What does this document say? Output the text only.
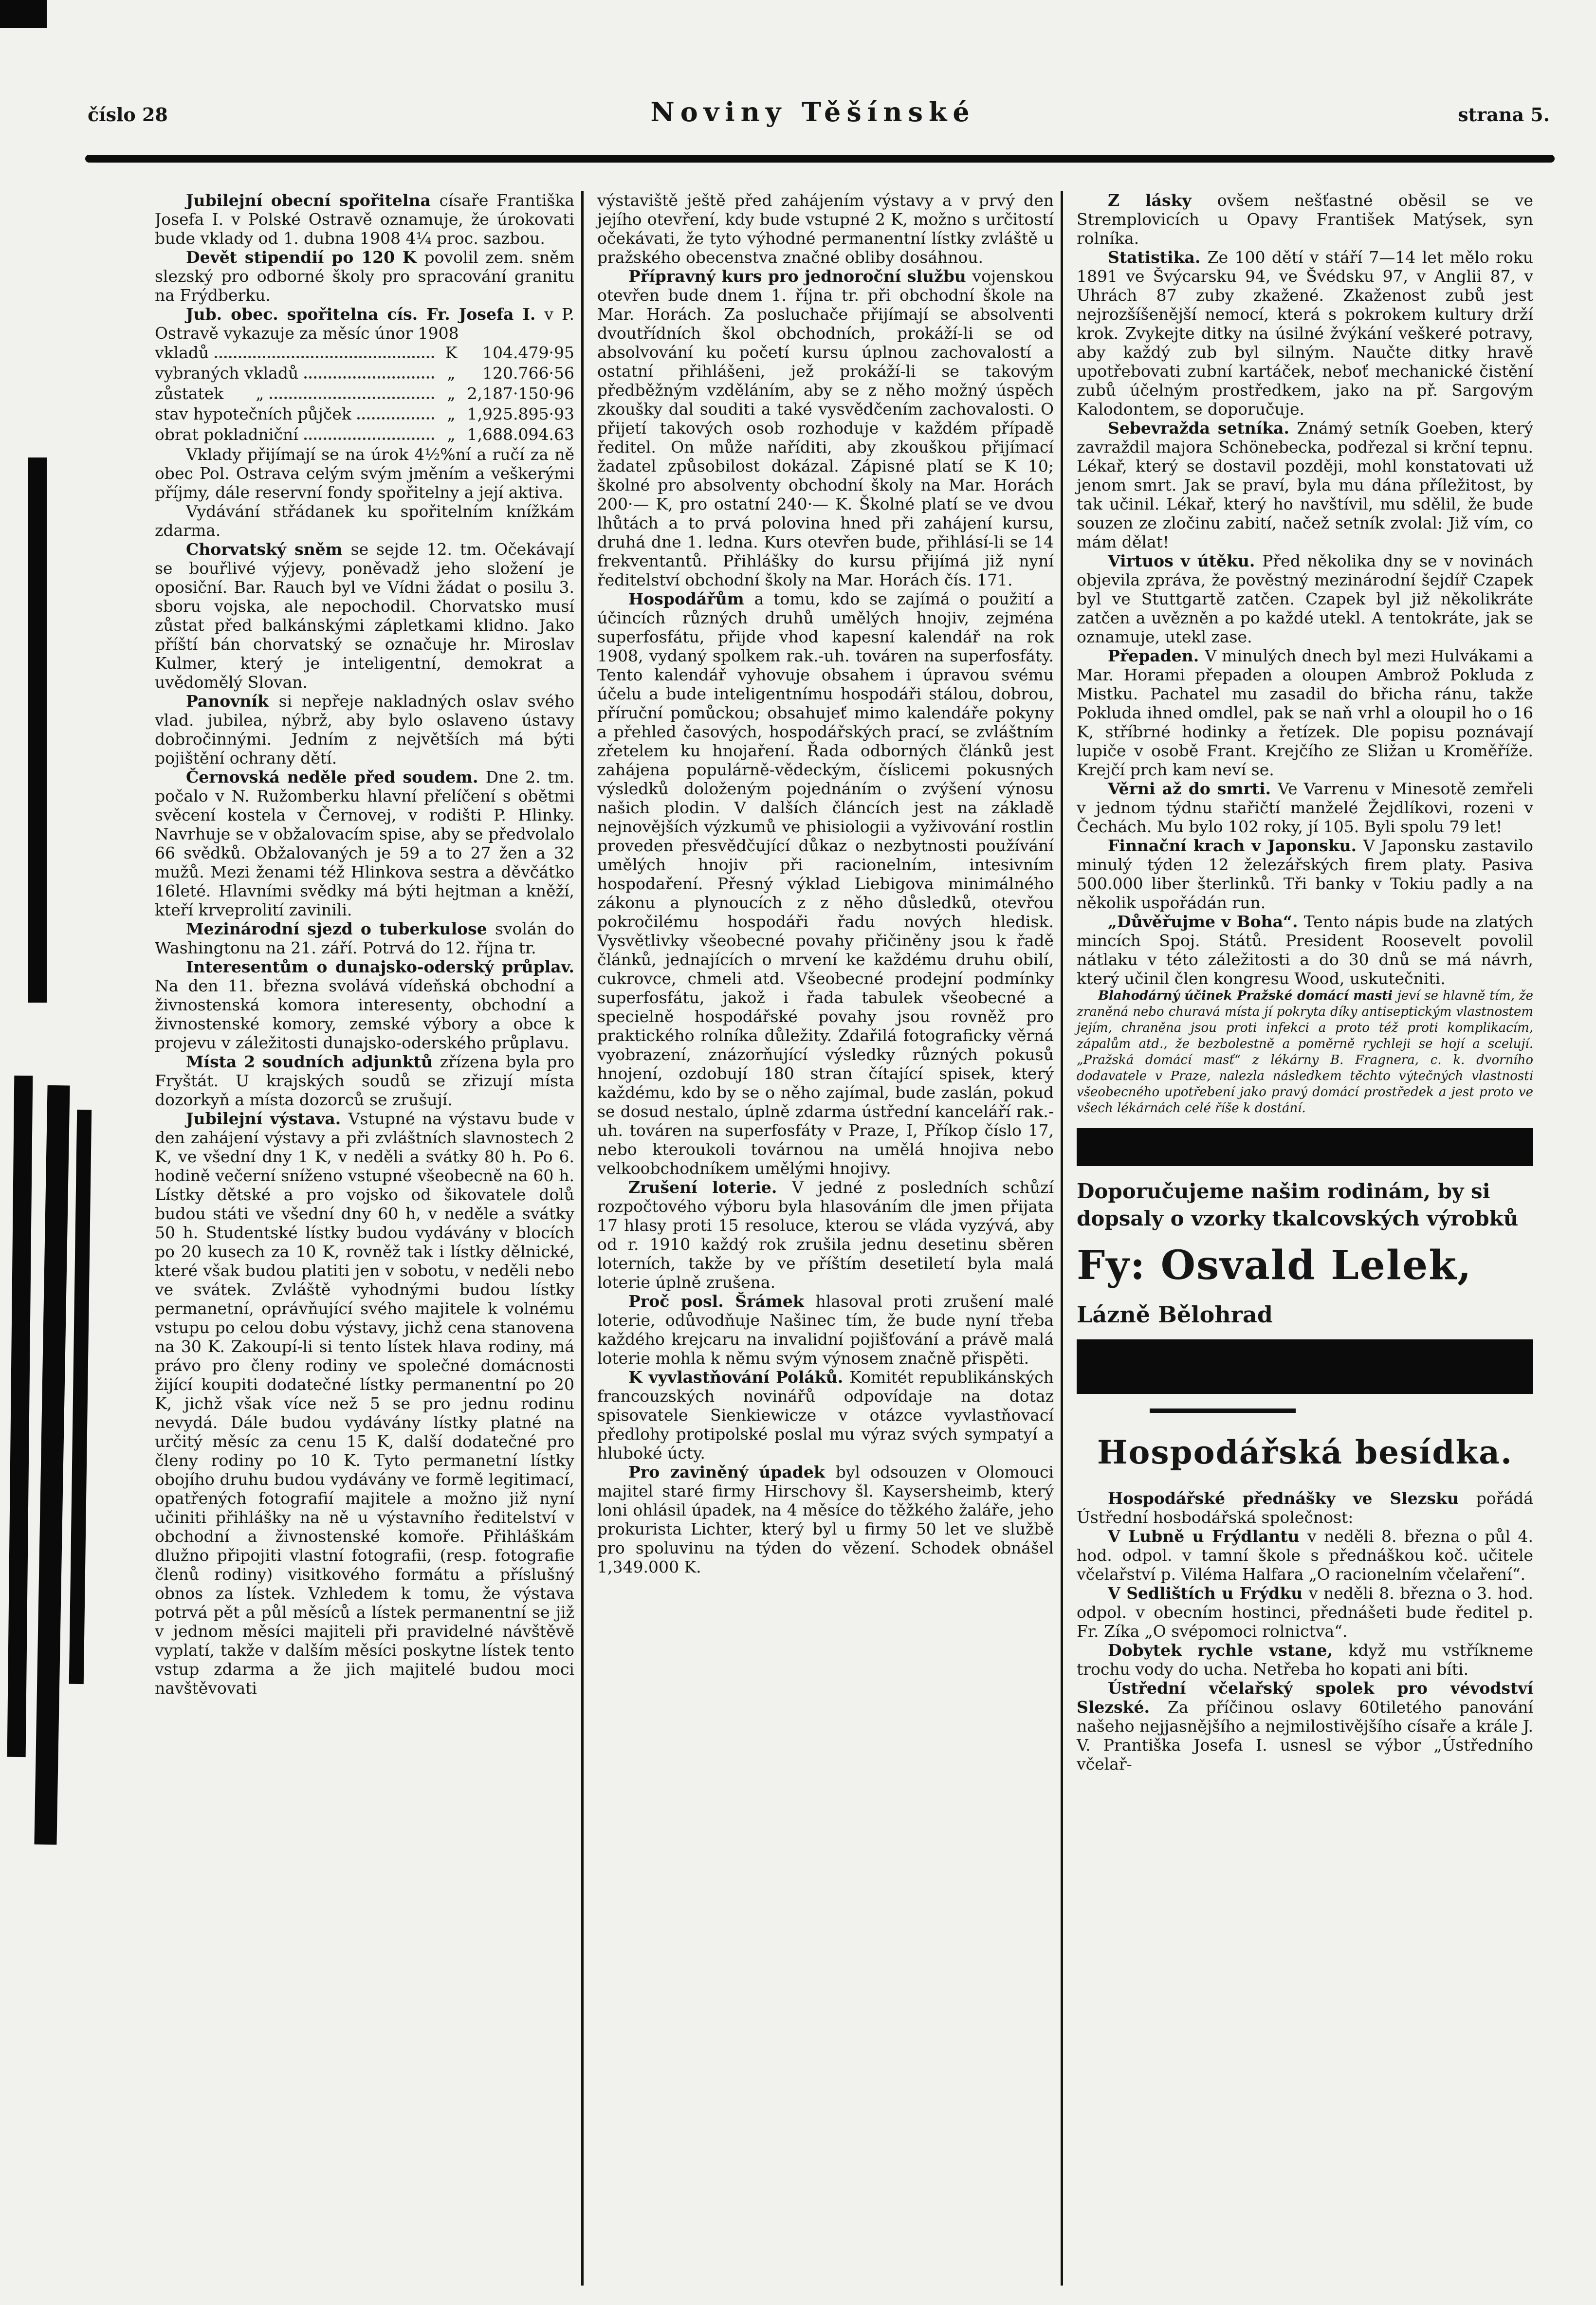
číslo 28	Noviny Těšínské	strana 5.

Jubilejní obecní spořitelna císaře Františka Josefa I. v Polské Ostravě oznamuje, že úrokovati bude vklady od 1. dubna 1908 4¼ proc. sazbou.

Devět stipendií po 120 K povolil zem. sněm slezský pro odborné školy pro spracování granitu na Frýdberku.

Jub. obec. spořitelna cís. Fr. Josefa I. v P. Ostravě vykazuje za měsíc únor 1908

vkladů	K	104.479·95
vybraných vkladů	„	120.766·56
zůstatek  „	„ 2,187·150·96
stav hypotečních půjček	„ 1,925.895·93
obrat pokladniční	„ 1,688.094.63

Vklady přijímají se na úrok 4½%ní a ručí za ně obec Pol. Ostrava celým svým jměním a veškerými příjmy, dále reservní fondy spořitelny a její aktiva.

Vydávání střádanek ku spořitelním knížkám zdarma.

Chorvatský sněm se sejde 12. tm. Očekávají se bouřlivé výjevy, poněvadž jeho složení je oposiční. Bar. Rauch byl ve Vídni žádat o posilu 3. sboru vojska, ale nepochodil. Chorvatsko musí zůstat před balkánskými zápletkami klidno. Jako příští bán chorvatský se označuje hr. Miroslav Kulmer, který je inteligentní, demokrat a uvědomělý Slovan.

Panovník si nepřeje nakladných oslav svého vlad. jubilea, nýbrž, aby bylo oslaveno ústavy dobročinnými. Jedním z největších má býti pojištění ochrany dětí.

Černovská neděle před soudem. Dne 2. tm. počalo v N. Ružomberku hlavní přelíčení s obětmi svěcení kostela v Černovej, v rodišti P. Hlinky. Navrhuje se v obžalovacím spise, aby se předvolalo 66 svědků. Obžalovaných je 59 a to 27 žen a 32 mužů. Mezi ženami též Hlinkova sestra a děvčátko 16leté. Hlavními svědky má býti hejtman a kněží, kteří krveprolití zavinili.

Mezinárodní sjezd o tuberkulose svolán do Washingtonu na 21. září. Potrvá do 12. října tr.

Interesentům o dunajsko-oderský průplav. Na den 11. března svolává vídeňská obchodní a živnostenská komora interesenty, obchodní a živnostenské komory, zemské výbory a obce k projevu v záležitosti dunajsko-oderského průplavu.

Místa 2 soudních adjunktů zřízena byla pro Fryštát. U krajských soudů se zřizují místa dozorkyň a místa dozorců se zrušují.

Jubilejní výstava. Vstupné na výstavu bude v den zahájení výstavy a při zvláštních slavnostech 2 K, ve všední dny 1 K, v neděli a svátky 80 h. Po 6. hodině večerní sníženo vstupné všeobecně na 60 h. Lístky dětské a pro vojsko od šikovatele dolů budou státi ve všední dny 60 h, v neděle a svátky 50 h. Studentské lístky budou vydávány v blocích po 20 kusech za 10 K, rovněž tak i lístky dělnické, které však budou platiti jen v sobotu, v neděli nebo ve svátek. Zvláště vyhodnými budou lístky permanetní, oprávňující svého majitele k volnému vstupu po celou dobu výstavy, jichž cena stanovena na 30 K. Zakoupí-li si tento lístek hlava rodiny, má právo pro členy rodiny ve společné domácnosti žijící koupiti dodatečné lístky permanentní po 20 K, jichž však více než 5 se pro jednu rodinu nevydá. Dále budou vydávány lístky platné na určitý měsíc za cenu 15 K, další dodatečné pro členy rodiny po 10 K. Tyto permanetní lístky obojího druhu budou vydávány ve formě legitimací, opatřených fotografií majitele a možno již nyní učiniti přihlášky na ně u výstavního ředitelství v obchodní a živnostenské komoře. Přihláškám dlužno připojiti vlastní fotografii, (resp. fotografie členů rodiny) visitkového formátu a příslušný obnos za lístek. Vzhledem k tomu, že výstava potrvá pět a půl měsíců a lístek permanentní se již v jednom měsíci majiteli při pravidelné návštěvě vyplatí, takže v dalším měsíci poskytne lístek tento vstup zdarma a že jich majitelé budou moci navštěvovati

výstaviště ještě před zahájením výstavy a v prvý den jejího otevření, kdy bude vstupné 2 K, možno s určitostí očekávati, že tyto výhodné permanentní lístky zvláště u pražského obecenstva značné obliby dosáhnou.

Přípravný kurs pro jednoroční službu vojenskou otevřen bude dnem 1. října tr. při obchodní škole na Mar. Horách. Za posluchače přijímají se absolventi dvoutřídních škol obchodních, prokáží-li se od absolvování ku početí kursu úplnou zachovalostí a ostatní přihlášeni, jež prokáží-li se takovým předběžným vzděláním, aby se z něho možný úspěch zkoušky dal souditi a také vysvědčením zachovalosti. O přijetí takových osob rozhoduje v každém případě ředitel. On může naříditi, aby zkouškou přijímací žadatel způsobilost dokázal. Zápisné platí se K 10; školné pro absolventy obchodní školy na Mar. Horách 200·— K, pro ostatní 240·— K. Školné platí se ve dvou lhůtách a to prvá polovina hned při zahájení kursu, druhá dne 1. ledna. Kurs otevřen bude, přihlásí-li se 14 frekventantů. Přihlášky do kursu přijímá již nyní ředitelství obchodní školy na Mar. Horách čís. 171.

Hospodářům a tomu, kdo se zajímá o použití a účincích různých druhů umělých hnojiv, zejména superfosfátu, přijde vhod kapesní kalendář na rok 1908, vydaný spolkem rak.-uh. továren na superfosfáty. Tento kalendář vyhovuje obsahem i úpravou svému účelu a bude inteligentnímu hospodáři stálou, dobrou, příruční pomůckou; obsahujeť mimo kalendáře pokyny a přehled časových, hospodářských prací, se zvláštním zřetelem ku hnojaření. Řada odborných článků jest zahájena populárně-vědeckým, číslicemi pokusných výsledků doloženým pojednáním o zvýšení výnosu našich plodin. V dalších článcích jest na základě nejnovějších výzkumů ve phisiologii a vyživování rostlin proveden přesvědčující důkaz o nezbytnosti používání umělých hnojiv při racionelním, intesivním hospodaření. Přesný výklad Liebigova minimálného zákonu a plynoucích z z něho důsledků, otevřou pokročilému hospodáři řadu nových hledisk. Vysvětlivky všeobecné povahy přičiněny jsou k řadě článků, jednajících o mrvení ke každému druhu obilí, cukrovce, chmeli atd. Všeobecné prodejní podmínky superfosfátu, jakož i řada tabulek všeobecné a specielně hospodářské povahy jsou rovněž pro praktického rolníka důležity. Zdařilá fotograficky věrná vyobrazení, znázorňující výsledky různých pokusů hnojení, ozdobují 180 stran čítající spisek, který každému, kdo by se o něho zajímal, bude zaslán, pokud se dosud nestalo, úplně zdarma ústřední kanceláří rak.-uh. továren na superfosfáty v Praze, I, Příkop číslo 17, nebo kteroukoli továrnou na umělá hnojiva nebo velkoobchodníkem umělými hnojivy.

Zrušení loterie. V jedné z posledních schůzí rozpočtového výboru byla hlasováním dle jmen přijata 17 hlasy proti 15 resoluce, kterou se vláda vyzývá, aby od r. 1910 každý rok zrušila jednu desetinu sběren loterních, takže by ve příštím desetiletí byla malá loterie úplně zrušena.

Proč posl. Šrámek hlasoval proti zrušení malé loterie, odůvodňuje Našinec tím, že bude nyní třeba každého krejcaru na invalidní pojišťování a právě malá loterie mohla k němu svým výnosem značně přispěti.

K vyvlastňování Poláků. Komitét republikánských francouzských novinářů odpovídaje na dotaz spisovatele Sienkiewicze v otázce vyvlastňovací předlohy protipolské poslal mu výraz svých sympatyí a hluboké úcty.

Pro zaviněný úpadek byl odsouzen v Olomouci majitel staré firmy Hirschovy šl. Kaysersheimb, který loni ohlásil úpadek, na 4 měsíce do těžkého žaláře, jeho prokurista Lichter, který byl u firmy 50 let ve službě pro spoluvinu na týden do vězení. Schodek obnášel 1,349.000 K.

Z lásky ovšem nešťastné oběsil se ve Stremplovicích u Opavy František Matýsek, syn rolníka.

Statistika. Ze 100 dětí v stáří 7—14 let mělo roku 1891 ve Švýcarsku 94, ve Švédsku 97, v Anglii 87, v Uhrách 87 zuby zkažené. Zkaženost zubů jest nejrozšíšenější nemocí, která s pokrokem kultury drží krok. Zvykejte ditky na úsilné žvýkání veškeré potravy, aby každý zub byl silným. Naučte ditky hravě upotřebovati zubní kartáček, neboť mechanické čistění zubů účelným prostředkem, jako na př. Sargovým Kalodontem, se doporučuje.

Sebevražda setníka. Známý setník Goeben, který zavraždil majora Schönebecka, podřezal si krční tepnu. Lékař, který se dostavil později, mohl konstatovati už jenom smrt. Jak se praví, byla mu dána příležitost, by tak učinil. Lékař, který ho navštívil, mu sdělil, že bude souzen ze zločinu zabití, načež setník zvolal: Již vím, co mám dělat!

Virtuos v útěku. Před několika dny se v novinách objevila zpráva, že pověstný mezinárodní šejdíř Czapek byl ve Stuttgartě zatčen. Czapek byl již několikráte zatčen a uvězněn a po každé utekl. A tentokráte, jak se oznamuje, utekl zase.

Přepaden. V minulých dnech byl mezi Hulvákami a Mar. Horami přepaden a oloupen Ambrož Pokluda z Mistku. Pachatel mu zasadil do břicha ránu, takže Pokluda ihned omdlel, pak se naň vrhl a oloupil ho o 16 K, stříbrné hodinky a řetízek. Dle popisu poznávají lupiče v osobě Frant. Krejčího ze Sližan u Kroměříže. Krejčí prch kam neví se.

Věrni až do smrti. Ve Varrenu v Minesotě zemřeli v jednom týdnu stařičtí manželé Žejdlíkovi, rozeni v Čechách. Mu bylo 102 roky, jí 105. Byli spolu 79 let!

Finnační krach v Japonsku. V Japonsku zastavilo minulý týden 12 železářských firem platy. Pasiva 500.000 liber šterlinků. Tři banky v Tokiu padly a na několik uspořádán run.

„Důvěřujme v Boha“. Tento nápis bude na zlatých mincích Spoj. Států. President Roosevelt povolil nátlaku v této záležitosti a do 30 dnů se má návrh, který učinil člen kongresu Wood, uskutečniti.

Blahodárný účinek Pražské domácí masti jeví se hlavně tím, že zraněná nebo churavá místa jí pokryta díky antiseptickým vlastnostem jejím, chraněna jsou proti infekci a proto též proti komplikacím, zápalům atd., že bezbolestně a poměrně rychleji se hojí a scelují. „Pražská domácí masť“ z lékárny B. Fragnera, c. k. dvorního dodavatele v Praze, nalezla následkem těchto výtečných vlastností všeobecného upotřebení jako pravý domácí prostředek a jest proto ve všech lékárnách celé říše k dostání.

Doporučujeme našim rodinám, by si dopsaly o vzorky tkalcovských výrobků

Fy: Osvald Lelek,
Lázně Bělohrad
Hospodářská besídka.

Hospodářské přednášky ve Slezsku pořádá Ústřední hosbodářská společnost:

V Lubně u Frýdlantu v neděli 8. března o půl 4. hod. odpol. v tamní škole s přednáškou koč. učitele včelařství p. Viléma Halfara „O racionelním včelaření“.

V Sedlištích u Frýdku v neděli 8. března o 3. hod. odpol. v obecním hostinci, přednášeti bude ředitel p. Fr. Zíka „O svépomoci rolnictva“.

Dobytek rychle vstane, když mu vstříkneme trochu vody do ucha. Netřeba ho kopati ani bíti.

Ústřední včelařský spolek pro vévodství Slezské. Za příčinou oslavy 60tiletého panování našeho nejjasnějšího a nejmilostivějšího císaře a krále J. V. Prantiška Josefa I. usnesl se výbor „Ústředního včelař-
